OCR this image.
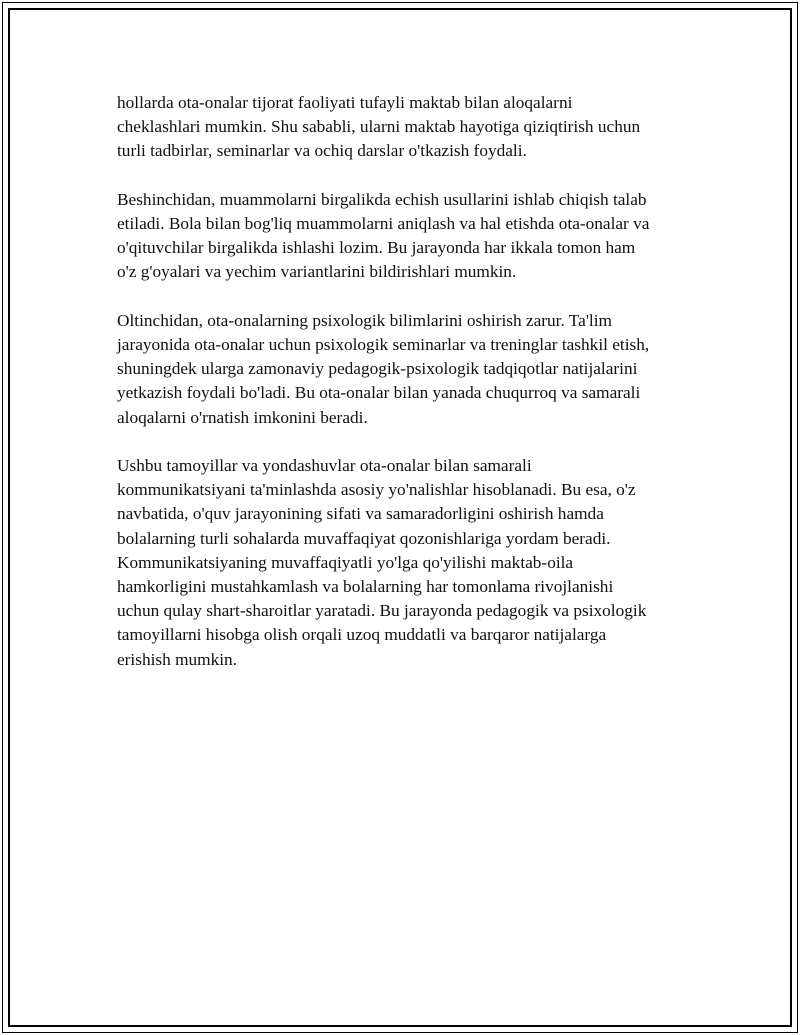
hollarda ota-onalar tijorat faoliyati tufayli maktab bilan aloqalarni
cheklashlari mumkin. Shu sababli, ularni maktab hayotiga qiziqtirish uchun
turli tadbirlar, seminarlar va ochiq darslar o'tkazish foydali.

Beshinchidan, muammolarni birgalikda echish usullarini ishlab chiqish talab
etiladi. Bola bilan bog'liq muammolarni aniqlash va hal etishda ota-onalar va
o'qituvchilar birgalikda ishlashi lozim. Bu jarayonda har ikkala tomon ham
o'z g'oyalari va yechim variantlarini bildirishlari mumkin.

Oltinchidan, ota-onalarning psixologik bilimlarini oshirish zarur. Ta'lim
jarayonida ota-onalar uchun psixologik seminarlar va treninglar tashkil etish,
shuningdek ularga zamonaviy pedagogik-psixologik tadqiqotlar natijalarini
yetkazish foydali bo'ladi. Bu ota-onalar bilan yanada chuqurroq va samarali
aloqalarni o'rnatish imkonini beradi.

Ushbu tamoyillar va yondashuvlar ota-onalar bilan samarali
kommunikatsiyani ta'minlashda asosiy yo'nalishlar hisoblanadi. Bu esa, o'z
navbatida, o'quv jarayonining sifati va samaradorligini oshirish hamda
bolalarning turli sohalarda muvaffaqiyat qozonishlariga yordam beradi.
Kommunikatsiyaning muvaffaqiyatli yo'lga qo'yilishi maktab-oila
hamkorligini mustahkamlash va bolalarning har tomonlama rivojlanishi
uchun qulay shart-sharoitlar yaratadi. Bu jarayonda pedagogik va psixologik
tamoyillarni hisobga olish orqali uzoq muddatli va barqaror natijalarga
erishish mumkin.
